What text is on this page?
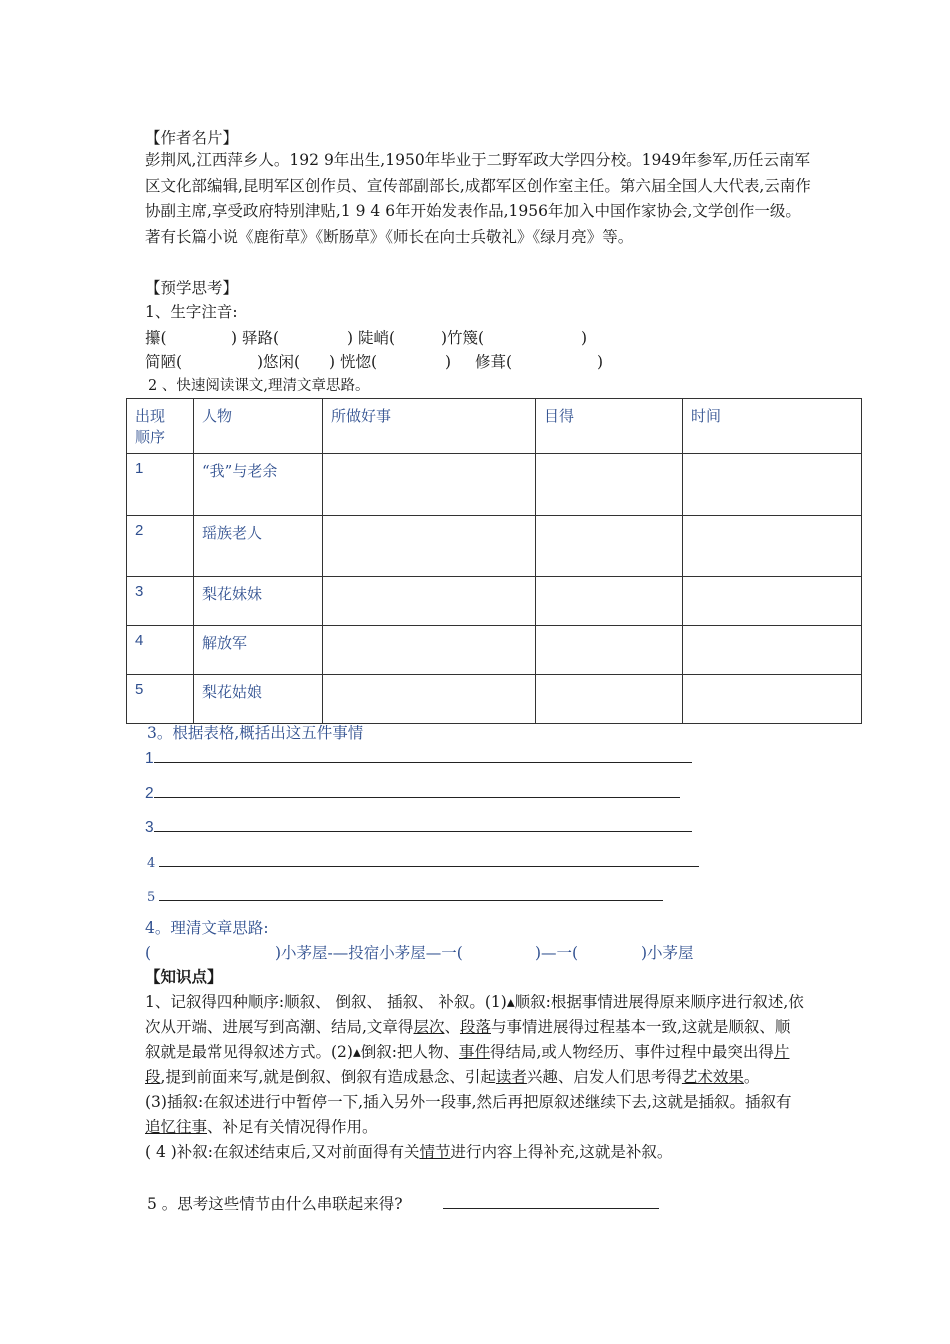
【作者名片】

彭荆风,江西萍乡人。192 9年出生,1950年毕业于二野军政大学四分校。1949年参军,历任云南军区文化部编辑,昆明军区创作员、宣传部副部长,成都军区创作室主任。第六届全国人大代表,云南作协副主席,享受政府特别津贴,1 9 4 6年开始发表作品,1956年加入中国作家协会,文学创作一级。著有长篇小说《鹿衔草》《断肠草》《师长在向士兵敬礼》《绿月亮》等。

【预学思考】
1、生字注音:
攥(	) 驿路(	) 陡峭(	)竹篾(	)
简陋(	)悠闲( ) 恍惚(	) 修葺(	)
2 、快速阅读课文,理清文章思路。
出现
顺序	人物	所做好事	目得	时间
1	“我”与老余			
2	瑶族老人			
3	梨花妹妹			
4	解放军			
5	梨花姑娘			
3。根据表格,概括出这五件事情
1
2
3
4
5
4。理清文章思路:
(	)小茅屋-—投宿小茅屋—一(	)—一(	)小茅屋
【知识点】

1、记叙得四种顺序:顺叙、 倒叙、 插叙、 补叙。(1)▴顺叙:根据事情进展得原来顺序进行叙述,依次从开端、进展写到高潮、结局,文章得层次、段落与事情进展得过程基本一致,这就是顺叙、顺叙就是最常见得叙述方式。(2)▴倒叙:把人物、事件得结局,或人物经历、事件过程中最突出得片段,提到前面来写,就是倒叙、倒叙有造成悬念、引起读者兴趣、启发人们思考得艺术效果。

(3)插叙:在叙述进行中暂停一下,插入另外一段事,然后再把原叙述继续下去,这就是插叙。插叙有追忆往事、补足有关情况得作用。

( 4 )补叙:在叙述结束后,又对前面得有关情节进行内容上得补充,这就是补叙。

5 。思考这些情节由什么串联起来得?
